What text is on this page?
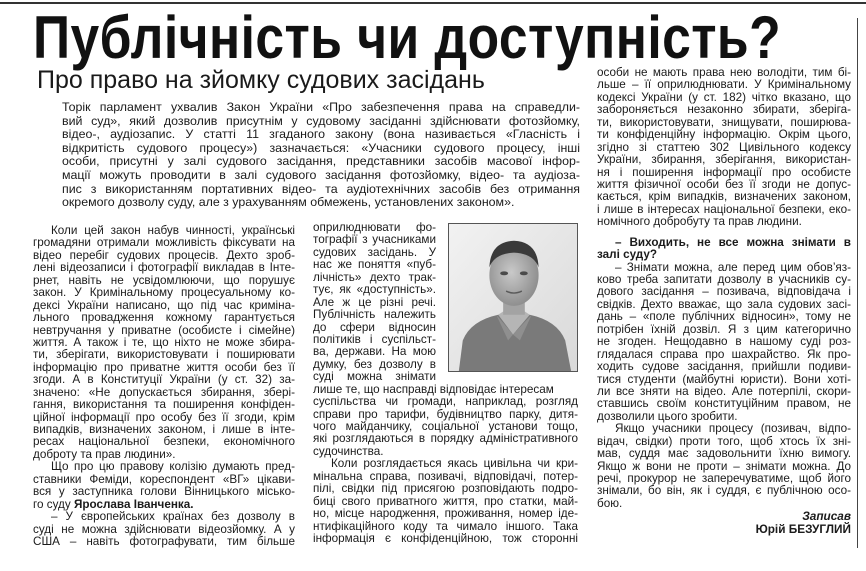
Публічність чи доступність?
Про право на зйомку судових засідань
Торік парламент ухвалив Закон України «Про забезпечення права на справедли-
вий суд», який дозволив присутнім у судовому засіданні здійснювати фотозйомку,
відео-, аудіозапис. У статті 11 згаданого закону (вона називається «Гласність і
відкритість судового процесу») зазначається: «Учасники судового процесу, інші
особи, присутні у залі судового засідання, представники засобів масової інфор-
мації можуть проводити в залі судового засідання фотозйомку, відео- та аудіоза-
пис з використанням портативних відео- та аудіотехнічних засобів без отримання
окремого дозволу суду, але з урахуванням обмежень, установлених законом».
Коли цей закон набув чинності, українські
громадяни отримали можливість фіксувати на
відео перебіг судових процесів. Дехто зроб-
лені відеозаписи і фотографії викладав в Інте-
рнет, навіть не усвідомлюючи, що порушує
закон. У Кримінальному процесуальному ко-
дексі України написано, що під час криміна-
льного провадження кожному гарантується
невтручання у приватне (особисте і сімейне)
життя. А також і те, що ніхто не може збира-
ти, зберігати, використовувати і поширювати
інформацію про приватне життя особи без її
згоди. А в Конституції України (у ст. 32) за-
значено: «Не допускається збирання, зберi-
гання, використання та поширення конфіден-
ційної інформації про особу без її згоди, крім
випадків, визначених законом, і лише в інте-
ресах національної безпеки, економічного
доброту та прав людини».
Що про цю правову колізію думають пред-
ставники Феміди, кореспондент «ВГ» цікави-
вся у заступника голови Вінницького місько-
го суду Ярослава Іванченка.
– У європейських країнах без дозволу в
суді не можна здійснювати відеозйомку. А у
США – навіть фотографувати, тим більше
оприлюднювати фо-
тографії з учасниками
судових засідань. У
нас же поняття «пуб-
лічність» дехто трак-
тує, як «доступність».
Але ж це різні речі.
Публічність належить
до сфери відносин
політиків і суспільст-
ва, держави. На мою
думку, без дозволу в
суді можна знімати
лише те, що насправді відповідає інтересам
суспільства чи громади, наприклад, розгляд
справи про тарифи, будівництво парку, дитя-
чого майданчику, соціальної установи тощо,
які розглядаються в порядку адміністративного
судочинства.
Коли розглядається якась цивільна чи кри-
мінальна справа, позивачі, відповідачі, потер-
пілі, свідки під присягою розповідають подро-
биці свого приватного життя, про статки, май-
но, місце народження, проживання, номер іде-
нтифікаційного коду та чимало іншого. Така
інформація є конфіденційною, тож сторонні
особи не мають права нею володіти, тим бі-
льше – її оприлюднювати. У Кримінальному
кодексі України (у ст. 182) чітко вказано, що
забороняється незаконно збирати, зберіга-
ти, використовувати, знищувати, поширюва-
ти конфіденційну інформацію. Окрім цього,
згідно зі статтею 302 Цивільного кодексу
України, збирання, зберігання, використан-
ня і поширення інформації про особисте
життя фізичної особи без її згоди не допус-
кається, крім випадків, визначених законом,
і лише в інтересах національної безпеки, еко-
номічного добробуту та прав людини.
– Виходить, не все можна знімати в
залі суду?
– Знімати можна, але перед цим обов’яз-
ково треба запитати дозволу в учасників су-
дового засідання – позивача, відповідача і
свідків. Дехто вважає, що зала судових засі-
дань – «поле публічних відносин», тому не
потрібен їхній дозвіл. Я з цим категорично
не згоден. Нещодавно в нашому суді роз-
глядалася справа про шахрайство. Як про-
ходить судове засідання, прийшли подиви-
тися студенти (майбутні юристи). Вони хоті-
ли все зняти на відео. Але потерпілі, скори-
ставшись своїм конституційним правом, не
дозволили цього зробити.
Якщо учасники процесу (позивач, відпо-
відач, свідки) проти того, щоб хтось їх зні-
мав, суддя має задовольнити їхню вимогу.
Якщо ж вони не проти – знімати можна. До
речі, прокурор не заперечуватиме, щоб його
знімали, бо він, як і суддя, є публічною осо-
бою.
Записав
Юрій БЕЗУГЛИЙ
